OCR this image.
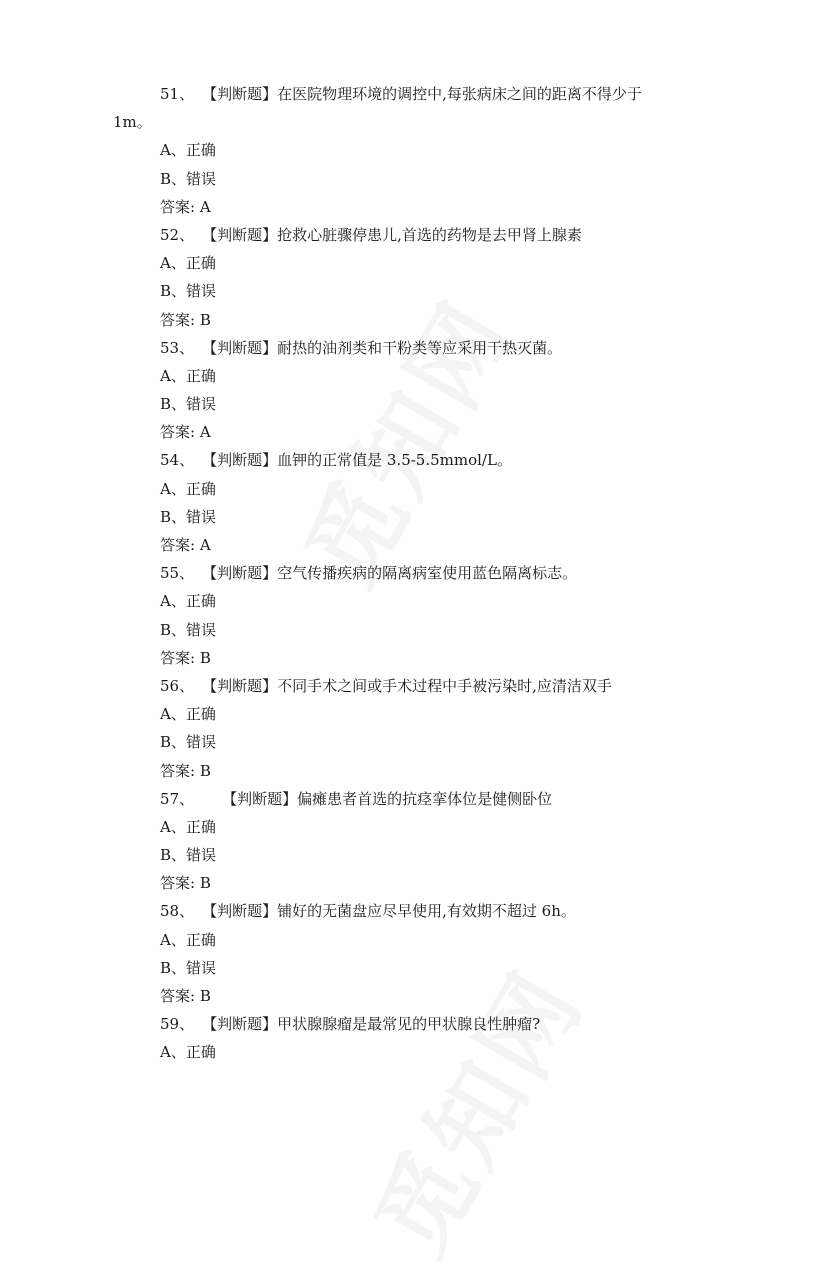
51、 【判断题】在医院物理环境的调控中,每张病床之间的距离不得少于
1m。
A、正确
B、错误
答案: A
52、 【判断题】抢救心脏骤停患儿,首选的药物是去甲肾上腺素
A、正确
B、错误
答案: B
53、 【判断题】耐热的油剂类和干粉类等应采用干热灭菌。
A、正确
B、错误
答案: A
54、 【判断题】血钾的正常值是 3.5-5.5mmol/L。
A、正确
B、错误
答案: A
55、 【判断题】空气传播疾病的隔离病室使用蓝色隔离标志。
A、正确
B、错误
答案: B
56、 【判断题】不同手术之间或手术过程中手被污染时,应清洁双手
A、正确
B、错误
答案: B
57、 【判断题】偏瘫患者首选的抗痉挛体位是健侧卧位
A、正确
B、错误
答案: B
58、 【判断题】铺好的无菌盘应尽早使用,有效期不超过 6h。
A、正确
B、错误
答案: B
59、 【判断题】甲状腺腺瘤是最常见的甲状腺良性肿瘤?
A、正确
